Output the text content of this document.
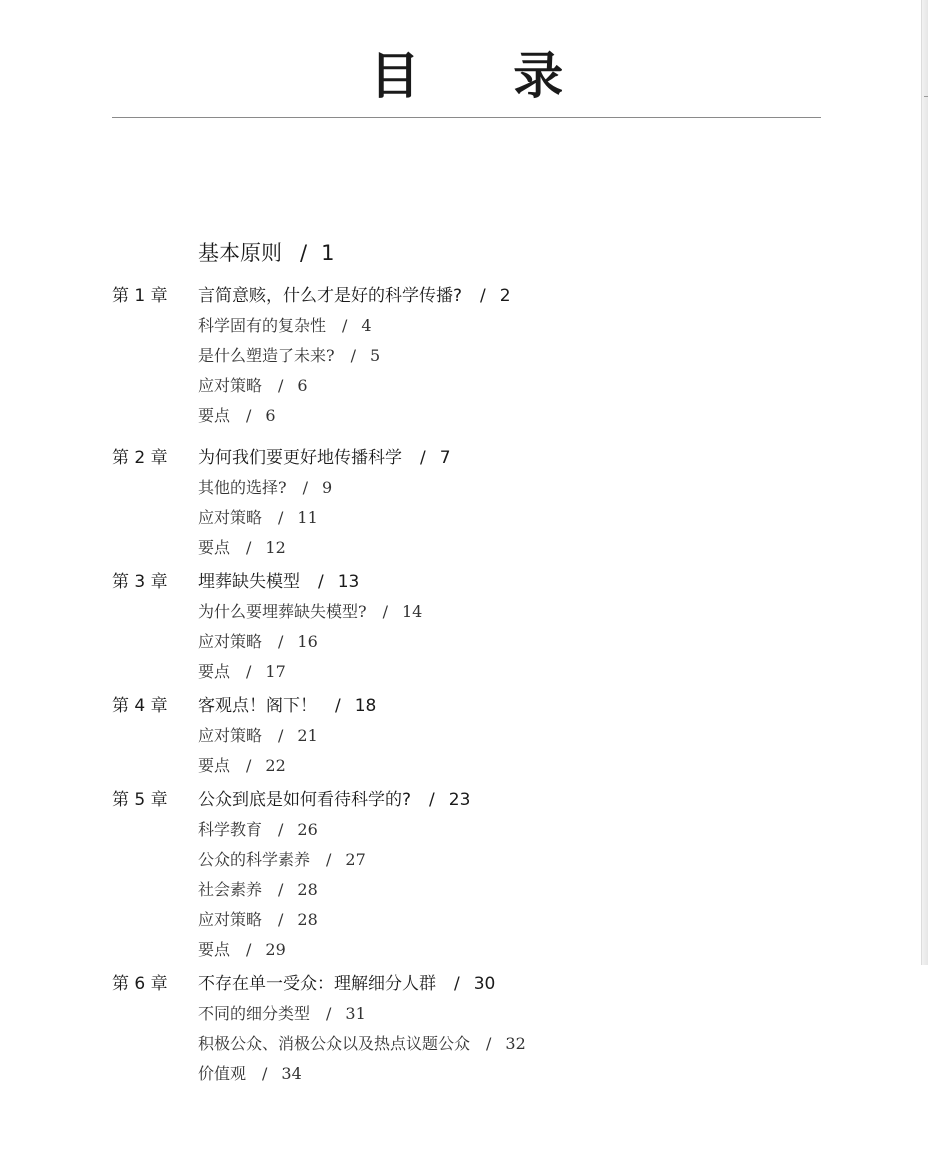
目 录
基本原则 / 1
第 1 章	言简意赅，什么才是好的科学传播? / 2
科学固有的复杂性 / 4
是什么塑造了未来? / 5
应对策略 / 6
要点 / 6
第 2 章	为何我们要更好地传播科学 / 7
其他的选择? / 9
应对策略 / 11
要点 / 12
第 3 章	埋葬缺失模型 / 13
为什么要埋葬缺失模型? / 14
应对策略 / 16
要点 / 17
第 4 章	客观点！阁下！ / 18
应对策略 / 21
要点 / 22
第 5 章	公众到底是如何看待科学的? / 23
科学教育 / 26
公众的科学素养 / 27
社会素养 / 28
应对策略 / 28
要点 / 29
第 6 章	不存在单一受众：理解细分人群 / 30
不同的细分类型 / 31
积极公众、消极公众以及热点议题公众 / 32
价值观 / 34
